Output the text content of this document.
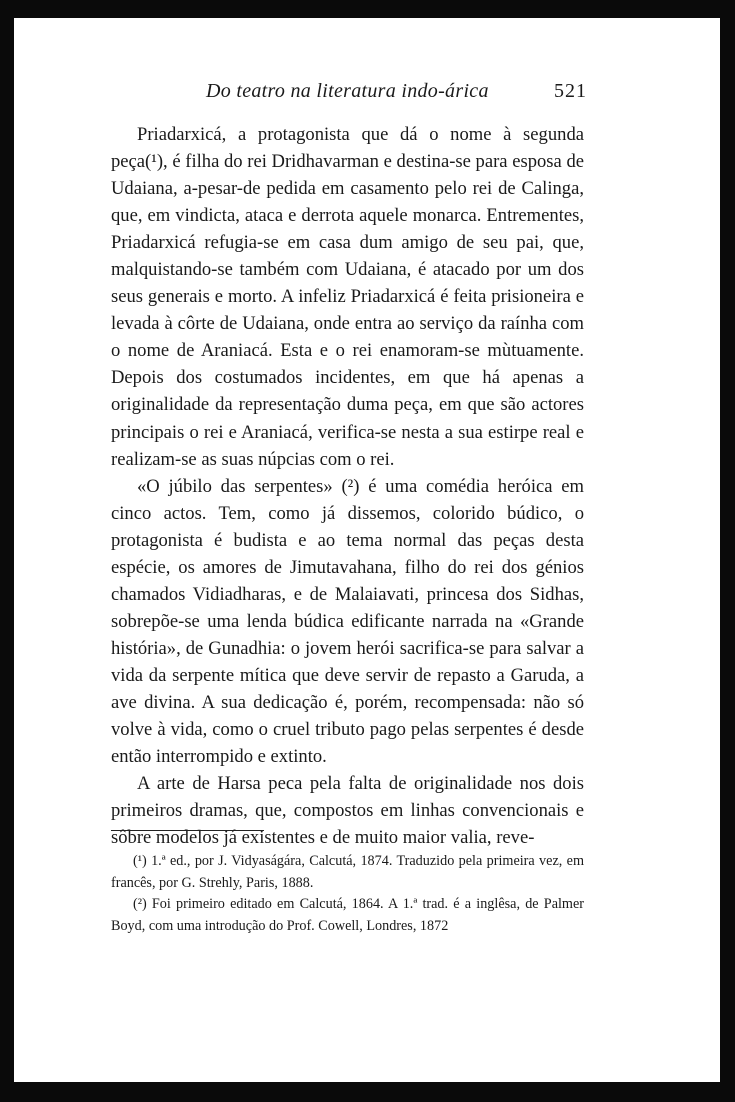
Do teatro na literatura indo-árica	521

Priadarxicá, a protagonista que dá o nome à segunda peça(¹), é filha do rei Dridhavarman e destina-se para esposa de Udaiana, a-pesar-de pedida em casamento pelo rei de Calinga, que, em vindicta, ataca e derrota aquele monarca. Entrementes, Priadarxicá refugia-se em casa dum amigo de seu pai, que, malquistando-se também com Udaiana, é atacado por um dos seus generais e morto. A infeliz Priadarxicá é feita prisioneira e levada à côrte de Udaiana, onde entra ao serviço da raínha com o nome de Araniacá. Esta e o rei enamoram-se mùtuamente. Depois dos costumados incidentes, em que há apenas a originalidade da representação duma peça, em que são actores principais o rei e Araniacá, verifica-se nesta a sua estirpe real e realizam-se as suas núpcias com o rei.

«O júbilo das serpentes» (²) é uma comédia heróica em cinco actos. Tem, como já dissemos, colorido búdico, o protagonista é budista e ao tema normal das peças desta espécie, os amores de Jimutavahana, filho do rei dos génios chamados Vidiadharas, e de Malaiavati, princesa dos Sidhas, sobrepõe-se uma lenda búdica edificante narrada na «Grande história», de Gunadhia: o jovem herói sacrifica-se para salvar a vida da serpente mítica que deve servir de repasto a Garuda, a ave divina. A sua dedicação é, porém, recompensada: não só volve à vida, como o cruel tributo pago pelas serpentes é desde então interrompido e extinto.

A arte de Harsa peca pela falta de originalidade nos dois primeiros dramas, que, compostos em linhas convencionais e sôbre modelos já existentes e de muito maior valia, reve-

(¹) 1.ª ed., por J. Vidyaságára, Calcutá, 1874. Traduzido pela primeira vez, em francês, por G. Strehly, Paris, 1888.

(²) Foi primeiro editado em Calcutá, 1864. A 1.ª trad. é a inglêsa, de Palmer Boyd, com uma introdução do Prof. Cowell, Londres, 1872
